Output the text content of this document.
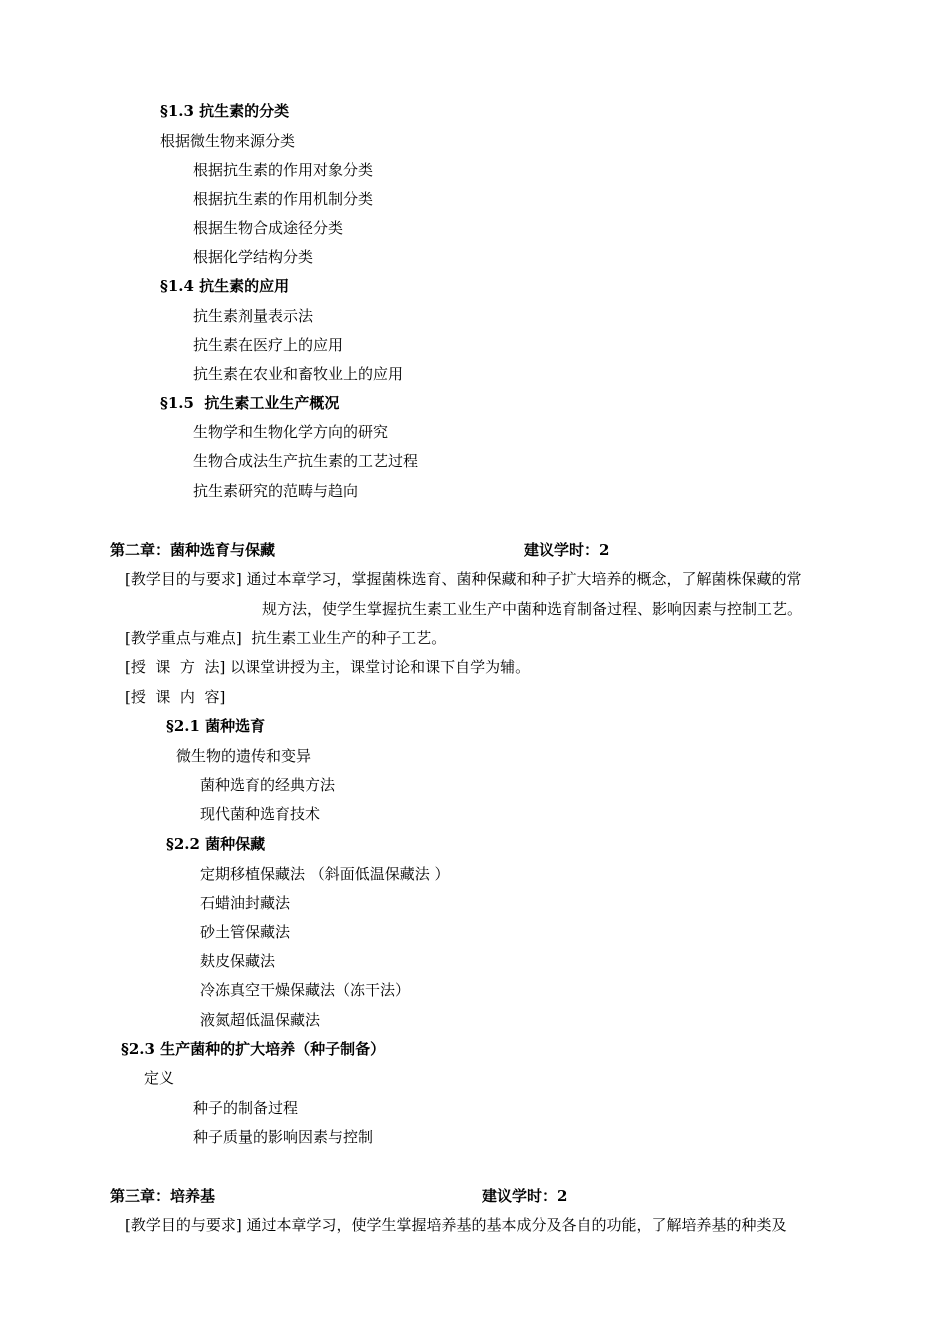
§1.3 抗生素的分类
根据微生物来源分类
根据抗生素的作用对象分类
根据抗生素的作用机制分类
根据生物合成途径分类
根据化学结构分类
§1.4 抗生素的应用
抗生素剂量表示法
抗生素在医疗上的应用
抗生素在农业和畜牧业上的应用
§1.5  抗生素工业生产概况
生物学和生物化学方向的研究
生物合成法生产抗生素的工艺过程
抗生素研究的范畴与趋向
第二章：菌种选育与保藏	建议学时：2
[教学目的与要求] 通过本章学习，掌握菌株选育、菌种保藏和种子扩大培养的概念，了解菌株保藏的常
规方法，使学生掌握抗生素工业生产中菌种选育制备过程、影响因素与控制工艺。
[教学重点与难点]  抗生素工业生产的种子工艺。
[授  课  方  法] 以课堂讲授为主，课堂讨论和课下自学为辅。
[授  课  内  容]
§2.1 菌种选育
微生物的遗传和变异
菌种选育的经典方法
现代菌种选育技术
§2.2 菌种保藏
定期移植保藏法 （斜面低温保藏法 ）
石蜡油封藏法
砂土管保藏法
麸皮保藏法
冷冻真空干燥保藏法（冻干法）
液氮超低温保藏法
§2.3 生产菌种的扩大培养（种子制备）
定义
种子的制备过程
种子质量的影响因素与控制
第三章：培养基	建议学时：2
[教学目的与要求] 通过本章学习，使学生掌握培养基的基本成分及各自的功能，了解培养基的种类及
